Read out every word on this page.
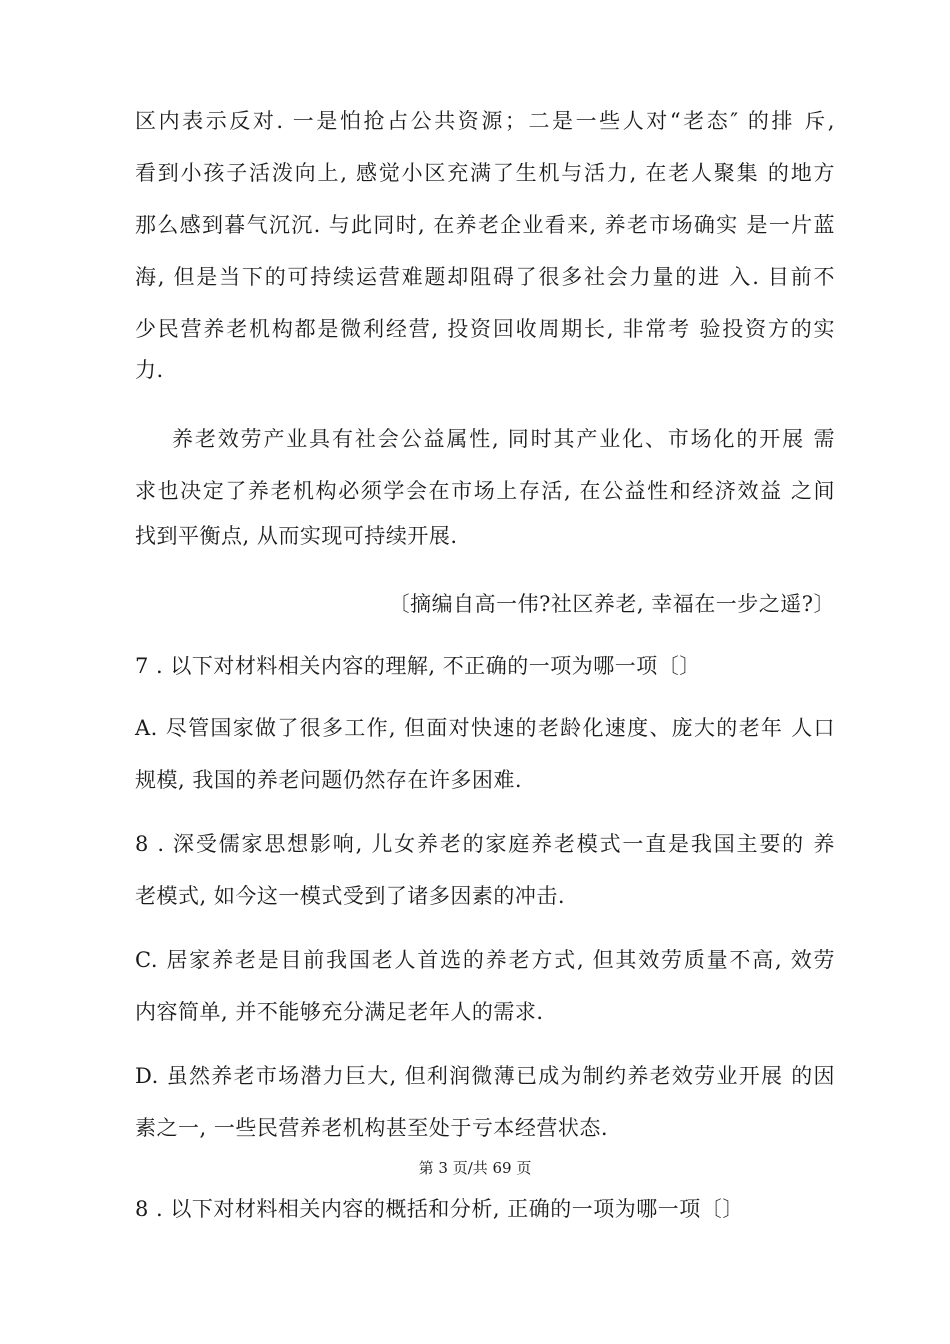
区内表示反对. 一是怕抢占公共资源；二是一些人对“老态″ 的排 斥,
看到小孩子活泼向上, 感觉小区充满了生机与活力, 在老人聚集 的地方
那么感到暮气沉沉. 与此同时, 在养老企业看来, 养老市场确实 是一片蓝
海, 但是当下的可持续运营难题却阻碍了很多社会力量的进 入. 目前不
少民营养老机构都是微利经营, 投资回收周期长, 非常考 验投资方的实
力.
养老效劳产业具有社会公益属性, 同时其产业化、市场化的开展 需
求也决定了养老机构必须学会在市场上存活, 在公益性和经济效益 之间
找到平衡点, 从而实现可持续开展.
〔摘编自高一伟?社区养老, 幸福在一步之遥?〕
7 . 以下对材料相关内容的理解, 不正确的一项为哪一项〔〕
A. 尽管国家做了很多工作, 但面对快速的老龄化速度、庞大的老年 人口
规模, 我国的养老问题仍然存在许多困难.
8 . 深受儒家思想影响, 儿女养老的家庭养老模式一直是我国主要的 养
老模式, 如今这一模式受到了诸多因素的冲击.
C. 居家养老是目前我国老人首选的养老方式, 但其效劳质量不高, 效劳
内容简单, 并不能够充分满足老年人的需求.
D. 虽然养老市场潜力巨大, 但利润微薄已成为制约养老效劳业开展 的因
素之一, 一些民营养老机构甚至处于亏本经营状态.
第 3 页/共 69 页
8 . 以下对材料相关内容的概括和分析, 正确的一项为哪一项〔〕
